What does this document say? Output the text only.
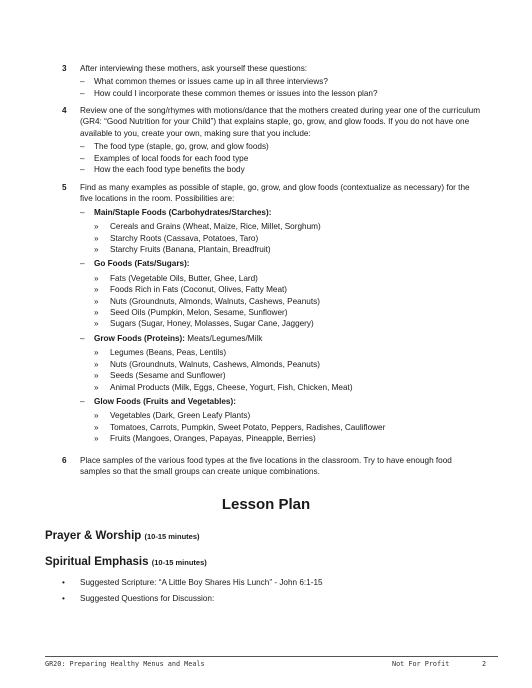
3 After interviewing these mothers, ask yourself these questions:
– What common themes or issues came up in all three interviews?
– How could I incorporate these common themes or issues into the lesson plan?
4 Review one of the song/rhymes with motions/dance that the mothers created during year one of the curriculum (GR4: “Good Nutrition for your Child”) that explains staple, go, grow, and glow foods. If you do not have one available to you, create your own, making sure that you include:
– The food type (staple, go, grow, and glow foods)
– Examples of local foods for each food type
– How the each food type benefits the body
5 Find as many examples as possible of staple, go, grow, and glow foods (contextualize as necessary) for the five locations in the room. Possibilities are:
– Main/Staple Foods (Carbohydrates/Starches):
» Cereals and Grains (Wheat, Maize, Rice, Millet, Sorghum)
» Starchy Roots (Cassava, Potatoes, Taro)
» Starchy Fruits (Banana, Plantain, Breadfruit)
– Go Foods (Fats/Sugars):
» Fats (Vegetable Oils, Butter, Ghee, Lard)
» Foods Rich in Fats (Coconut, Olives, Fatty Meat)
» Nuts (Groundnuts, Almonds, Walnuts, Cashews, Peanuts)
» Seed Oils (Pumpkin, Melon, Sesame, Sunflower)
» Sugars (Sugar, Honey, Molasses, Sugar Cane, Jaggery)
– Grow Foods (Proteins): Meats/Legumes/Milk
» Legumes (Beans, Peas, Lentils)
» Nuts (Groundnuts, Walnuts, Cashews, Almonds, Peanuts)
» Seeds (Sesame and Sunflower)
» Animal Products (Milk, Eggs, Cheese, Yogurt, Fish, Chicken, Meat)
– Glow Foods (Fruits and Vegetables):
» Vegetables (Dark, Green Leafy Plants)
» Tomatoes, Carrots, Pumpkin, Sweet Potato, Peppers, Radishes, Cauliflower
» Fruits (Mangoes, Oranges, Papayas, Pineapple, Berries)
6 Place samples of the various food types at the five locations in the classroom. Try to have enough food samples so that the small groups can create unique combinations.
Lesson Plan
Prayer & Worship (10-15 minutes)
Spiritual Emphasis (10-15 minutes)
• Suggested Scripture: “A Little Boy Shares His Lunch” - John 6:1-15
• Suggested Questions for Discussion:
GR20: Preparing Healthy Menus and Meals	Not For Profit	2
